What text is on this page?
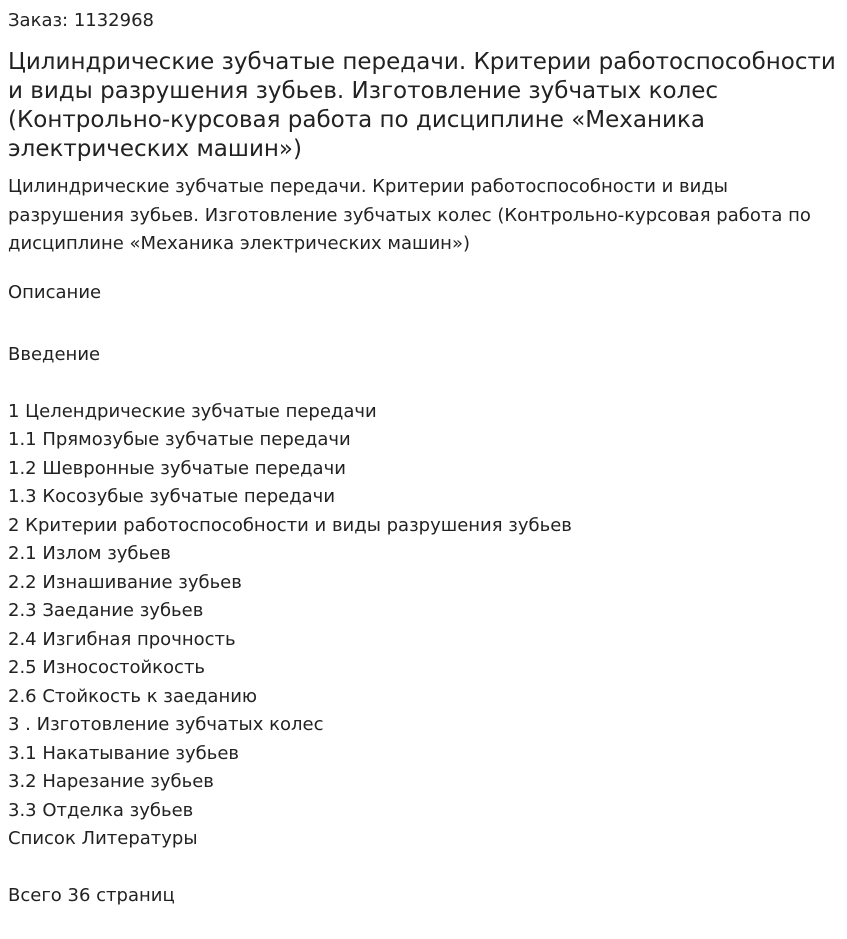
Заказ: 1132968
Цилиндрические зубчатые передачи. Критерии работоспособности и виды разрушения зубьев. Изготовление зубчатых колес (Контрольно-курсовая работа по дисциплине «Механика электрических машин»)

Цилиндрические зубчатые передачи. Критерии работоспособности и виды разрушения зубьев. Изготовление зубчатых колес (Контрольно-курсовая работа по дисциплине «Механика электрических машин»)

Описание
Введение
1 Целендрические зубчатые передачи
1.1 Прямозубые зубчатые передачи
1.2 Шевронные зубчатые передачи
1.3 Косозубые зубчатые передачи
2 Критерии работоспособности и виды разрушения зубьев
2.1 Излом зубьев
2.2 Изнашивание зубьев
2.3 Заедание зубьев
2.4 Изгибная прочность
2.5 Износостойкость
2.6 Стойкость к заеданию
3 . Изготовление зубчатых колес
3.1 Накатывание зубьев
3.2 Нарезание зубьев
3.3 Отделка зубьев
Список Литературы
Всего 36 страниц
